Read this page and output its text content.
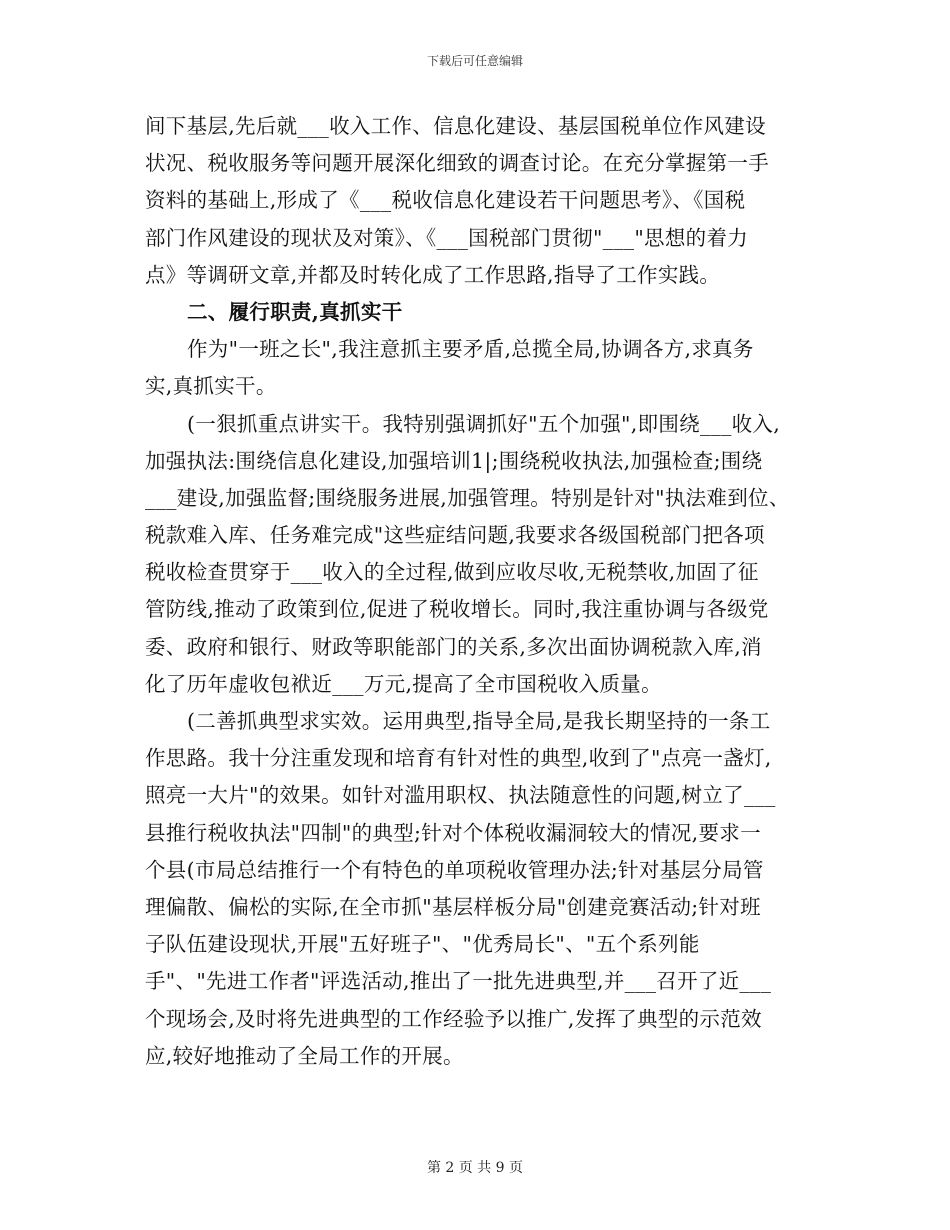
下载后可任意编辑
间下基层,先后就___收入工作、信息化建设、基层国税单位作风建设
状况、税收服务等问题开展深化细致的调查讨论。在充分掌握第一手
资料的基础上,形成了《___税收信息化建设若干问题思考》、《国税
部门作风建设的现状及对策》、《___国税部门贯彻"___"思想的着力
点》等调研文章,并都及时转化成了工作思路,指导了工作实践。
二、履行职责,真抓实干
作为"一班之长",我注意抓主要矛盾,总揽全局,协调各方,求真务
实,真抓实干。
(一狠抓重点讲实干。我特别强调抓好"五个加强",即围绕___收入,
加强执法:围绕信息化建设,加强培训1|;围绕税收执法,加强检查;围绕
___建设,加强监督;围绕服务进展,加强管理。特别是针对"执法难到位、
税款难入库、任务难完成"这些症结问题,我要求各级国税部门把各项
税收检查贯穿于___收入的全过程,做到应收尽收,无税禁收,加固了征
管防线,推动了政策到位,促进了税收增长。同时,我注重协调与各级党
委、政府和银行、财政等职能部门的关系,多次出面协调税款入库,消
化了历年虚收包袱近___万元,提高了全市国税收入质量。
(二善抓典型求实效。运用典型,指导全局,是我长期坚持的一条工
作思路。我十分注重发现和培育有针对性的典型,收到了"点亮一盏灯,
照亮一大片"的效果。如针对滥用职权、执法随意性的问题,树立了___
县推行税收执法"四制"的典型;针对个体税收漏洞较大的情况,要求一
个县(市局总结推行一个有特色的单项税收管理办法;针对基层分局管
理偏散、偏松的实际,在全市抓"基层样板分局"创建竞赛活动;针对班
子队伍建设现状,开展"五好班子"、"优秀局长"、"五个系列能
手"、"先进工作者"评选活动,推出了一批先进典型,并___召开了近___
个现场会,及时将先进典型的工作经验予以推广,发挥了典型的示范效
应,较好地推动了全局工作的开展。
第 2 页 共 9 页
